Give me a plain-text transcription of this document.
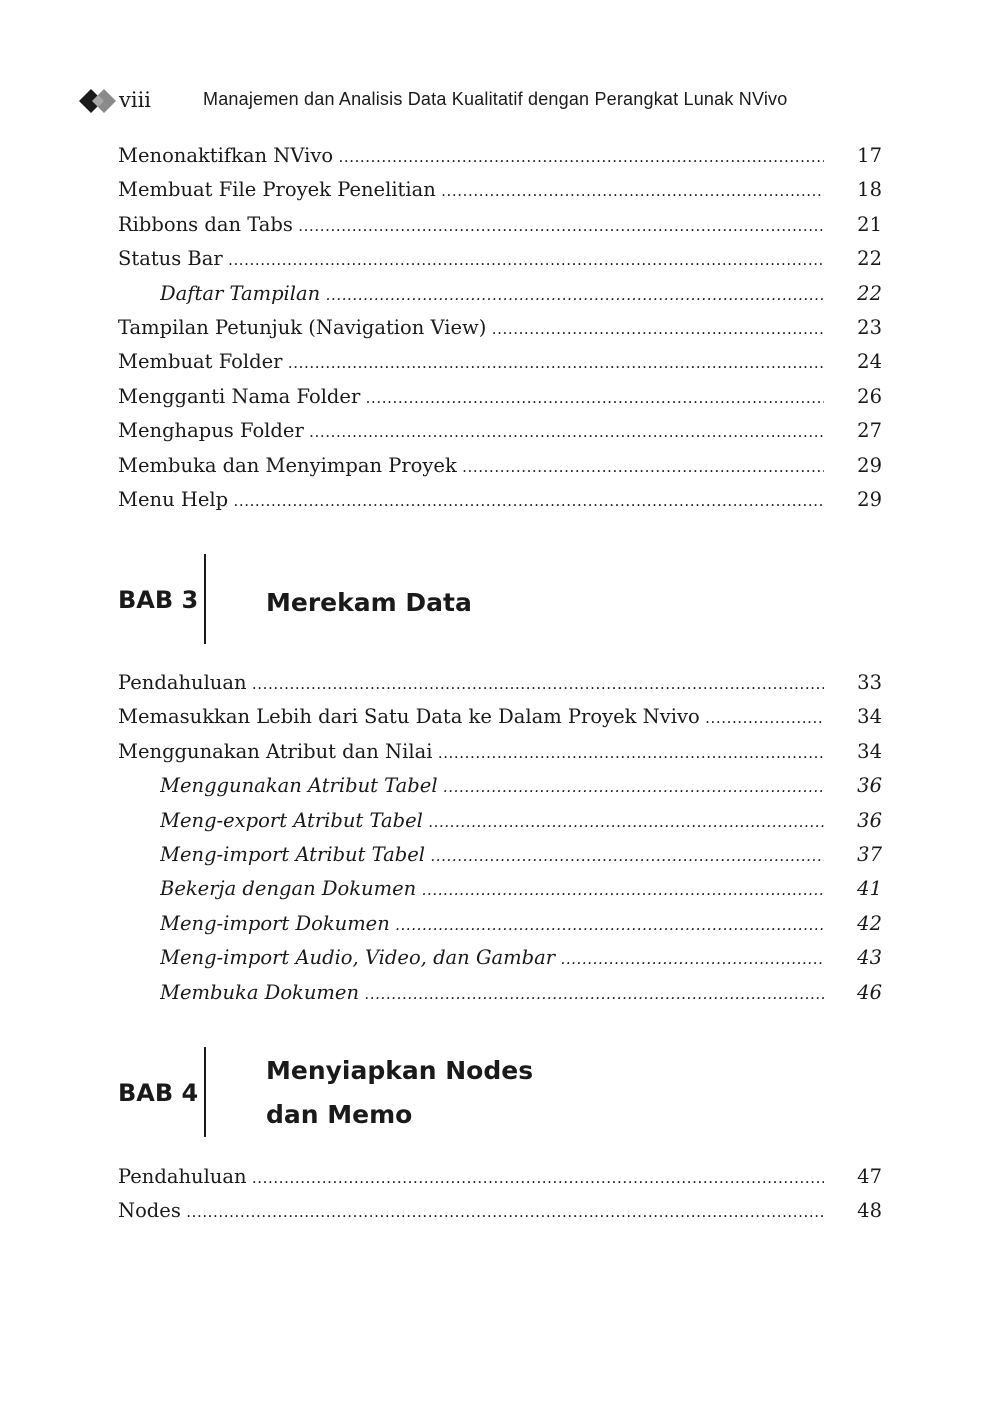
viii	Manajemen dan Analisis Data Kualitatif dengan Perangkat Lunak NVivo
Menonaktifkan NVivo .....	17
Membuat File Proyek Penelitian .....	18
Ribbons dan Tabs .....	21
Status Bar .....	22
Daftar Tampilan .....	22
Tampilan Petunjuk (Navigation View) .....	23
Membuat Folder .....	24
Mengganti Nama Folder .....	26
Menghapus Folder .....	27
Membuka dan Menyimpan Proyek .....	29
Menu Help .....	29
BAB 3	Merekam Data
Pendahuluan .....	33
Memasukkan Lebih dari Satu Data ke Dalam Proyek Nvivo .....	34
Menggunakan Atribut dan Nilai .....	34
Menggunakan Atribut Tabel .....	36
Meng-export Atribut Tabel .....	36
Meng-import Atribut Tabel .....	37
Bekerja dengan Dokumen .....	41
Meng-import Dokumen .....	42
Meng-import Audio, Video, dan Gambar .....	43
Membuka Dokumen .....	46
BAB 4
Menyiapkan Nodes
dan Memo
Pendahuluan .....	47
Nodes .....	48
